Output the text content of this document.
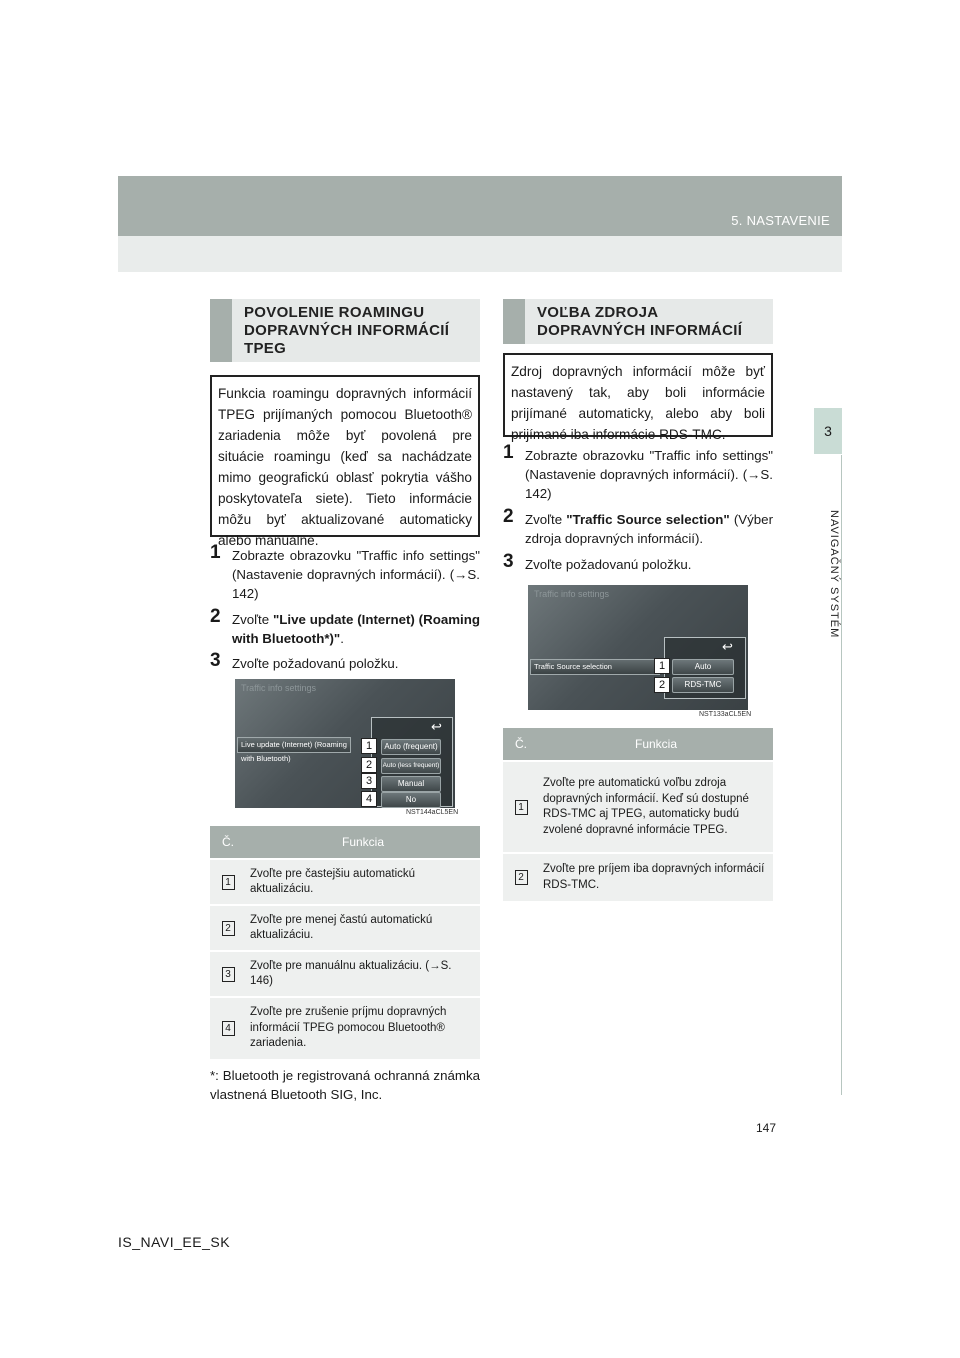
5. NASTAVENIE
3
NAVIGAČNÝ SYSTÉM
POVOLENIE ROAMINGU
DOPRAVNÝCH INFORMÁCIÍ
TPEG
Funkcia roamingu dopravných informácií TPEG prijímaných pomocou Bluetooth® zariadenia môže byť povolená pre situácie roamingu (keď sa nachádzate mimo geografickú oblasť pokrytia vášho poskytovateľa siete). Tieto informácie môžu byť aktualizované automaticky alebo manuálne.
1 Zobrazte obrazovku "Traffic info settings" (Nastavenie dopravných informácií). (→S. 142)
2 Zvoľte "Live update (Internet) (Roaming with Bluetooth*)".
3 Zvoľte požadovanú položku.
Traffic info settings
↩
Live update (Internet) (Roaming with Bluetooth)
Auto (frequent)
Auto (less frequent)
Manual
No
1
2
3
4
NST144aCL5EN
Č.	Funkcia
1	Zvoľte pre častejšiu automatickú aktualizáciu.
2	Zvoľte pre menej častú automatickú aktualizáciu.
3	Zvoľte pre manuálnu aktualizáciu. (→S. 146)
4	Zvoľte pre zrušenie príjmu dopravných informácií TPEG pomocou Bluetooth® zariadenia.
*: Bluetooth je registrovaná ochranná známka vlastnená Bluetooth SIG, Inc.
VOĽBA ZDROJA
DOPRAVNÝCH INFORMÁCIÍ
Zdroj dopravných informácií môže byť nastavený tak, aby boli informácie prijímané automaticky, alebo aby boli prijímané iba informácie RDS-TMC.
1 Zobrazte obrazovku "Traffic info settings" (Nastavenie dopravných informácií). (→S. 142)
2 Zvoľte "Traffic Source selection" (Výber zdroja dopravných informácií).
3 Zvoľte požadovanú položku.
Traffic info settings
↩
Traffic Source selection	Auto
RDS-TMC
1
2
NST133aCL5EN
Č.	Funkcia
1	Zvoľte pre automatickú voľbu zdroja dopravných informácií. Keď sú dostupné RDS-TMC aj TPEG, automaticky budú zvolené dopravné informácie TPEG.
2	Zvoľte pre príjem iba dopravných informácií RDS-TMC.
147
IS_NAVI_EE_SK
